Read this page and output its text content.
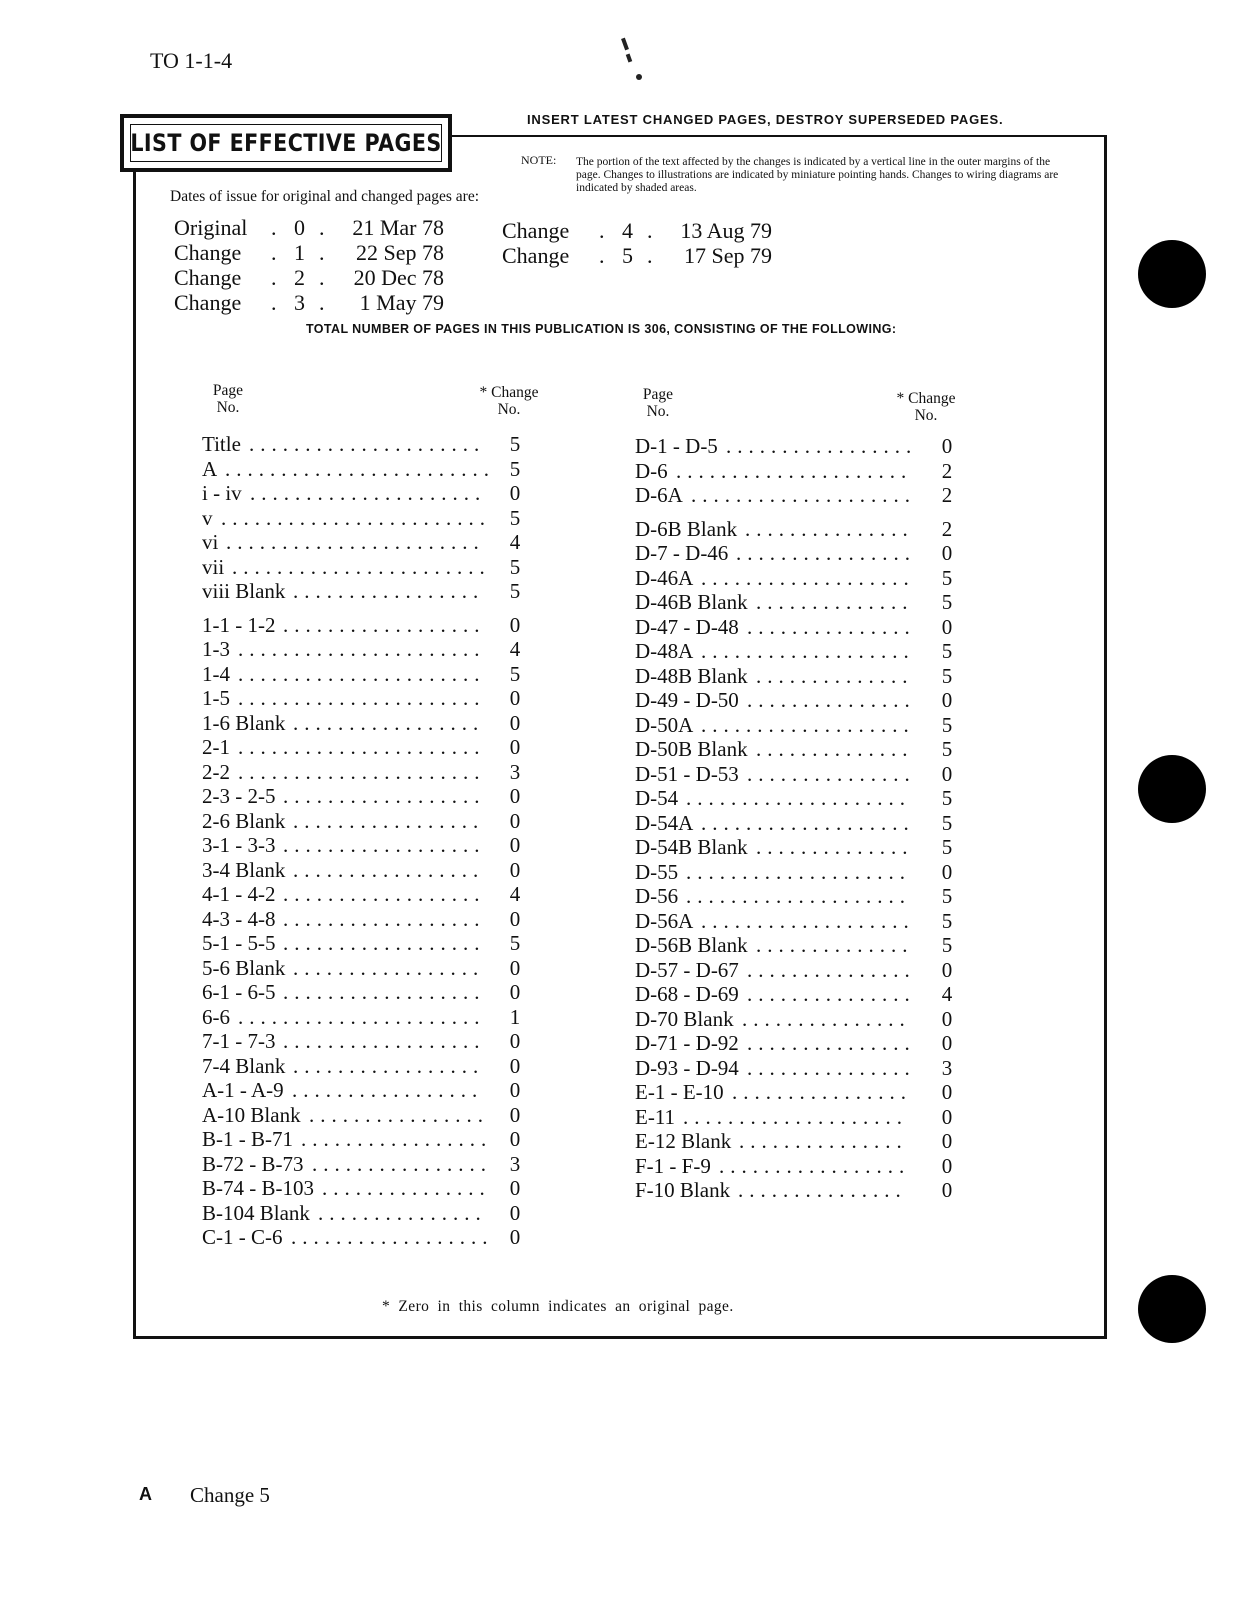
TO 1-1-4
INSERT LATEST CHANGED PAGES, DESTROY SUPERSEDED PAGES.
LIST OF EFFECTIVE PAGES
NOTE: The portion of the text affected by the changes is indicated by a vertical line in the outer margins of the page. Changes to illustrations are indicated by miniature pointing hands. Changes to wiring diagrams are indicated by shaded areas.
Dates of issue for original and changed pages are:
Original . 0 .	21 Mar 78
Change . 1 .	22 Sep 78
Change . 2 .	20 Dec 78
Change . 3 .	1 May 79
Change . 4 .	13 Aug 79
Change . 5 .	17 Sep 79
TOTAL NUMBER OF PAGES IN THIS PUBLICATION IS 306, CONSISTING OF THE FOLLOWING:
Page
No.
* Change
No.
Page
No.
* Change
No.
Title .....................	5
A ........................ 5
i - iv .....................	0
v ........................ 5
vi .......................	4
vii ....................... 5
viii Blank .................	5
1-1 - 1-2 ..................	0
1-3 ......................	4
1-4 ......................	5
1-5 ......................	0
1-6 Blank .................	0
2-1 ......................	0
2-2 ......................	3
2-3 - 2-5 ..................	0
2-6 Blank .................	0
3-1 - 3-3 ..................	0
3-4 Blank .................	0
4-1 - 4-2 ..................	4
4-3 - 4-8 ..................	0
5-1 - 5-5 ..................	5
5-6 Blank .................	0
6-1 - 6-5 ..................	0
6-6 ......................	1
7-1 - 7-3 ..................	0
7-4 Blank .................	0
A-1 - A-9 .................	0
A-10 Blank ................ 0
B-1 - B-71 ................. 0
B-72 - B-73 ................ 3
B-74 - B-103 ............... 0
B-104 Blank ...............	0
C-1 - C-6 .................. 0
D-1 - D-5 .................	0
D-6 .....................	2
D-6A ....................	2
D-6B Blank ...............	2
D-7 - D-46 ................	0
D-46A ...................	5
D-46B Blank ..............	5
D-47 - D-48 ...............	0
D-48A ...................	5
D-48B Blank ..............	5
D-49 - D-50 ...............	0
D-50A ...................	5
D-50B Blank ..............	5
D-51 - D-53 ...............	0
D-54 ....................	5
D-54A ...................	5
D-54B Blank ..............	5
D-55 ....................	0
D-56 ....................	5
D-56A ...................	5
D-56B Blank ..............	5
D-57 - D-67 ...............	0
D-68 - D-69 ...............	4
D-70 Blank ...............	0
D-71 - D-92 ...............	0
D-93 - D-94 ...............	3
E-1 - E-10 ................	0
E-11 ....................	0
E-12 Blank ...............	0
F-1 - F-9 .................	0
F-10 Blank ...............	0
* Zero in this column indicates an original page.
A Change 5
